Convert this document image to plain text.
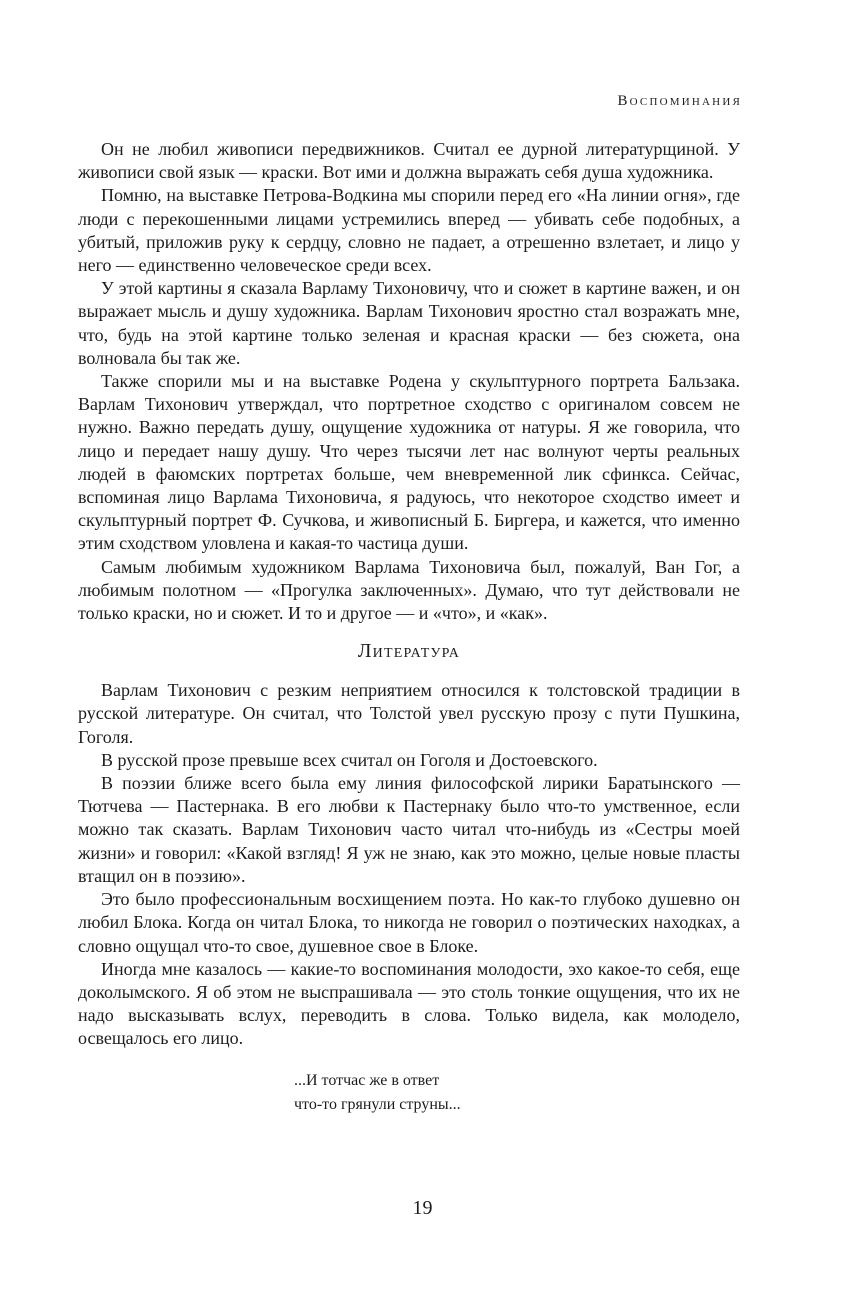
Воспоминания

Он не любил живописи передвижников. Считал ее дурной литературщиной. У живописи свой язык — краски. Вот ими и должна выражать себя душа художника.

Помню, на выставке Петрова-Водкина мы спорили перед его «На линии огня», где люди с перекошенными лицами устремились вперед — убивать себе подобных, а убитый, приложив руку к сердцу, словно не падает, а отрешенно взлетает, и лицо у него — единственно человеческое среди всех.

У этой картины я сказала Варламу Тихоновичу, что и сюжет в картине важен, и он выражает мысль и душу художника. Варлам Тихонович яростно стал возражать мне, что, будь на этой картине только зеленая и красная краски — без сюжета, она волновала бы так же.

Также спорили мы и на выставке Родена у скульптурного портрета Бальзака. Варлам Тихонович утверждал, что портретное сходство с оригиналом совсем не нужно. Важно передать душу, ощущение художника от натуры. Я же говорила, что лицо и передает нашу душу. Что через тысячи лет нас волнуют черты реальных людей в фаюмских портретах больше, чем вневременной лик сфинкса. Сейчас, вспоминая лицо Варлама Тихоновича, я радуюсь, что некоторое сходство имеет и скульптурный портрет Ф. Сучкова, и живописный Б. Биргера, и кажется, что именно этим сходством уловлена и какая-то частица души.

Самым любимым художником Варлама Тихоновича был, пожалуй, Ван Гог, а любимым полотном — «Прогулка заключенных». Думаю, что тут действовали не только краски, но и сюжет. И то и другое — и «что», и «как».

Литература

Варлам Тихонович с резким неприятием относился к толстовской традиции в русской литературе. Он считал, что Толстой увел русскую прозу с пути Пушкина, Гоголя.

В русской прозе превыше всех считал он Гоголя и Достоевского.

В поэзии ближе всего была ему линия философской лирики Баратынского — Тютчева — Пастернака. В его любви к Пастернаку было что-то умственное, если можно так сказать. Варлам Тихонович часто читал что-нибудь из «Сестры моей жизни» и говорил: «Какой взгляд! Я уж не знаю, как это можно, целые новые пласты втащил он в поэзию».

Это было профессиональным восхищением поэта. Но как-то глубоко душевно он любил Блока. Когда он читал Блока, то никогда не говорил о поэтических находках, а словно ощущал что-то свое, душевное свое в Блоке.

Иногда мне казалось — какие-то воспоминания молодости, эхо какое-то себя, еще доколымского. Я об этом не выспрашивала — это столь тонкие ощущения, что их не надо высказывать вслух, переводить в слова. Только видела, как молодело, освещалось его лицо.

...И тотчас же в ответ
что-то грянули струны...
19
